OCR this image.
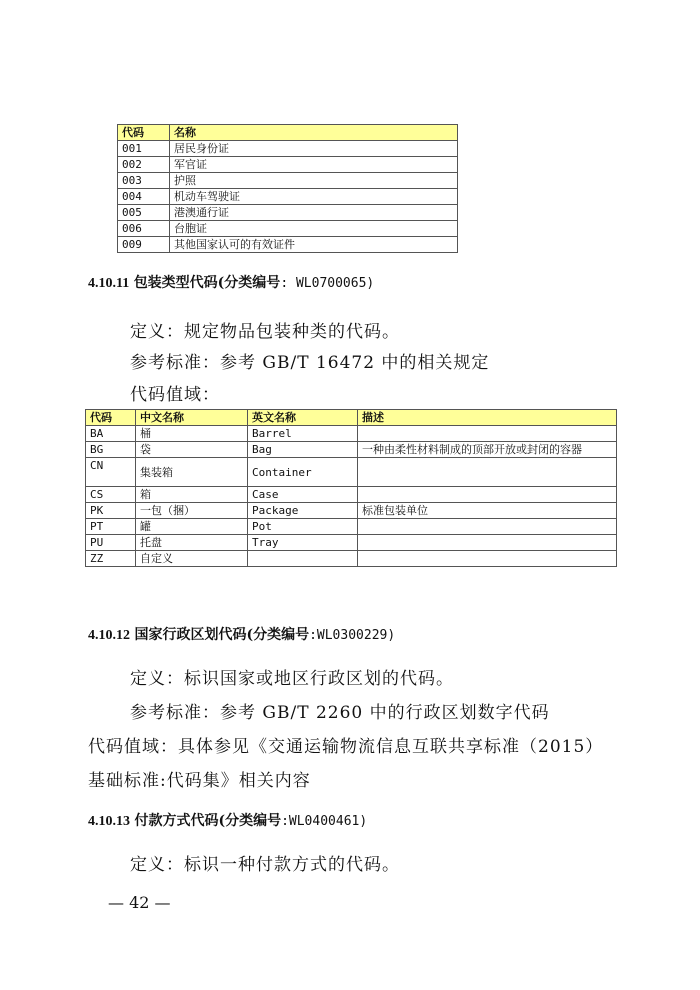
代码	名称
001	居民身份证
002	军官证
003	护照
004	机动车驾驶证
005	港澳通行证
006	台胞证
009	其他国家认可的有效证件
4.10.11 包装类型代码(分类编号: WL0700065)
定义：规定物品包装种类的代码。
参考标准：参考 GB/T 16472 中的相关规定
代码值域：
代码	中文名称	英文名称	描述
BA	桶	Barrel	
BG	袋	Bag	一种由柔性材料制成的顶部开放或封闭的容器
CN	集装箱	Container	
CS	箱	Case	
PK	一包（捆）	Package	标准包装单位
PT	罐	Pot	
PU	托盘	Tray	
ZZ	自定义		
4.10.12 国家行政区划代码(分类编号:WL0300229)
定义：标识国家或地区行政区划的代码。
参考标准：参考 GB/T 2260 中的行政区划数字代码
代码值域：具体参见《交通运输物流信息互联共享标准（2015）
基础标准:代码集》相关内容
4.10.13 付款方式代码(分类编号:WL0400461)
定义：标识一种付款方式的代码。
— 42 —
